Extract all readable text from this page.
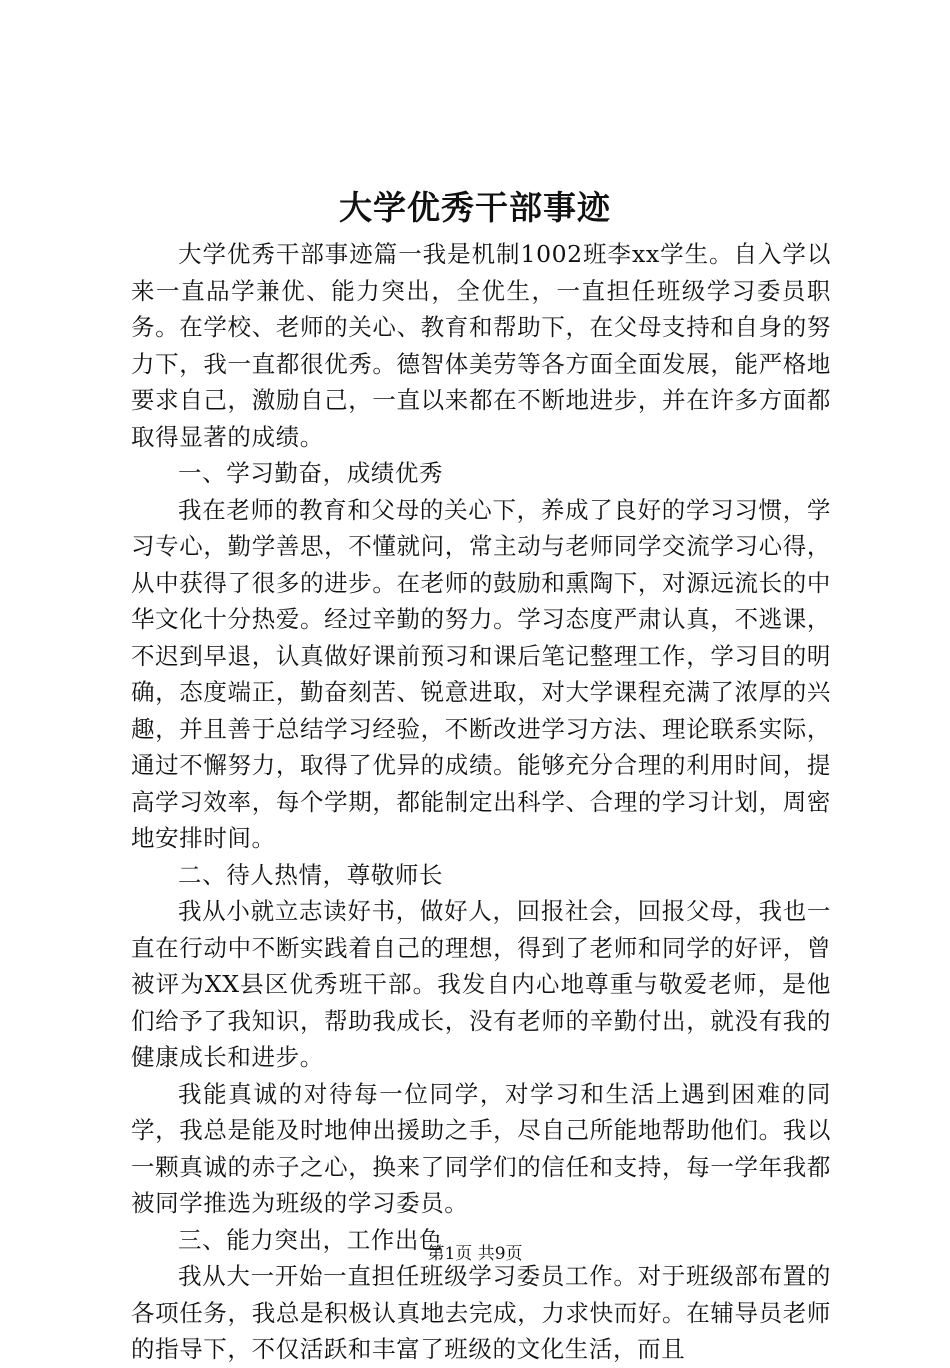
大学优秀干部事迹

大学优秀干部事迹篇一我是机制1002班李xx学生。自入学以来一直品学兼优、能力突出，全优生，一直担任班级学习委员职务。在学校、老师的关心、教育和帮助下，在父母支持和自身的努力下，我一直都很优秀。德智体美劳等各方面全面发展，能严格地要求自己，激励自己，一直以来都在不断地进步，并在许多方面都取得显著的成绩。

一、学习勤奋，成绩优秀

我在老师的教育和父母的关心下，养成了良好的学习习惯，学习专心，勤学善思，不懂就问，常主动与老师同学交流学习心得，从中获得了很多的进步。在老师的鼓励和熏陶下，对源远流长的中华文化十分热爱。经过辛勤的努力。学习态度严肃认真，不逃课，不迟到早退，认真做好课前预习和课后笔记整理工作，学习目的明确，态度端正，勤奋刻苦、锐意进取，对大学课程充满了浓厚的兴趣，并且善于总结学习经验，不断改进学习方法、理论联系实际，通过不懈努力，取得了优异的成绩。能够充分合理的利用时间，提高学习效率，每个学期，都能制定出科学、合理的学习计划，周密地安排时间。

二、待人热情，尊敬师长

我从小就立志读好书，做好人，回报社会，回报父母，我也一直在行动中不断实践着自己的理想，得到了老师和同学的好评，曾被评为XX县区优秀班干部。我发自内心地尊重与敬爱老师，是他们给予了我知识，帮助我成长，没有老师的辛勤付出，就没有我的健康成长和进步。

我能真诚的对待每一位同学，对学习和生活上遇到困难的同学，我总是能及时地伸出援助之手，尽自己所能地帮助他们。我以一颗真诚的赤子之心，换来了同学们的信任和支持，每一学年我都被同学推选为班级的学习委员。

三、能力突出，工作出色

我从大一开始一直担任班级学习委员工作。对于班级部布置的各项任务，我总是积极认真地去完成，力求快而好。在辅导员老师的指导下，不仅活跃和丰富了班级的文化生活，而且

第1页 共9页
